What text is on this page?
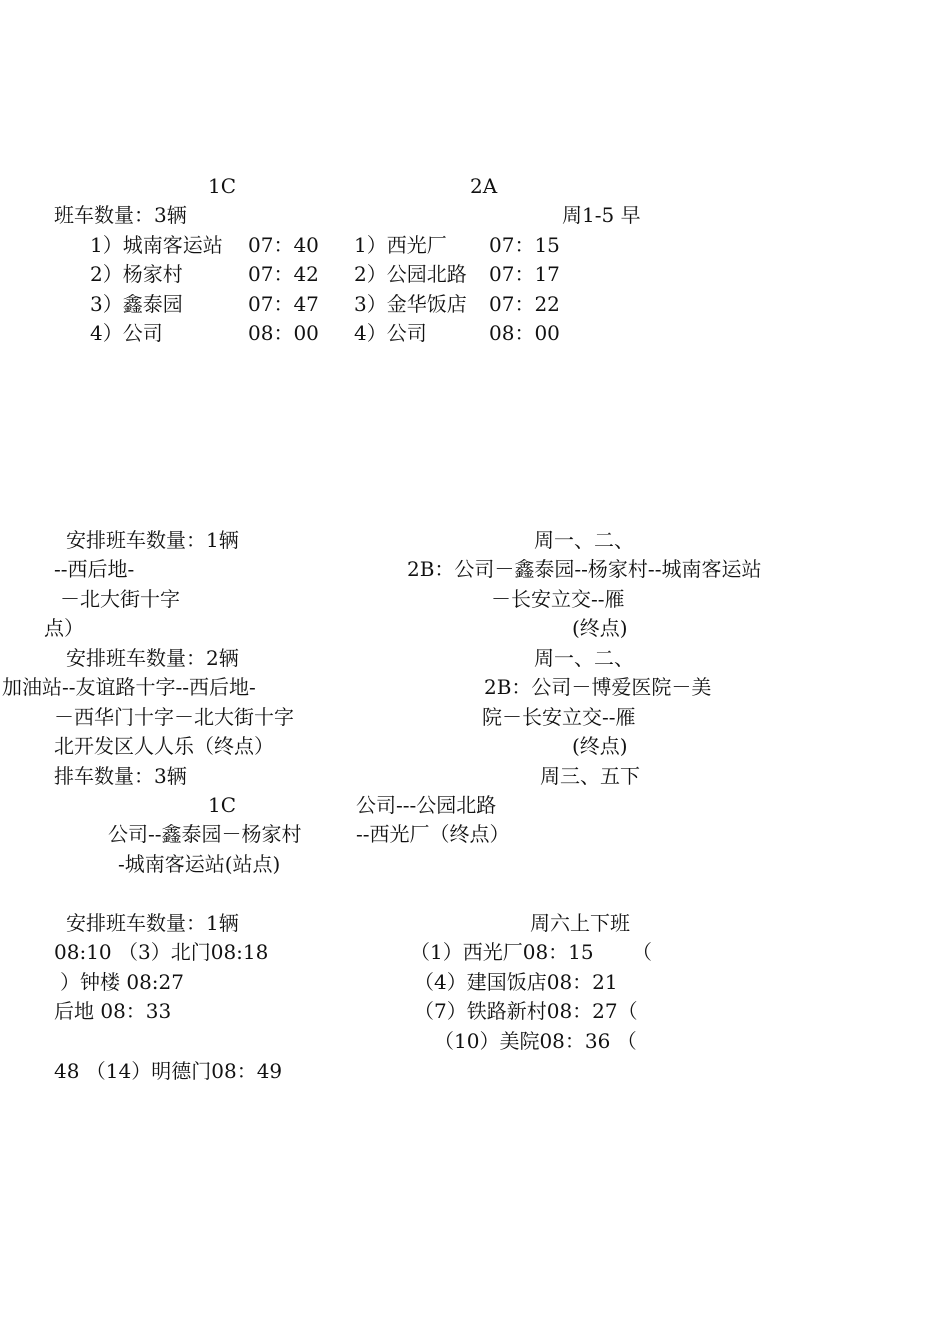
1C	2A
班车数量：3辆	周1-5 早
1）城南客运站 07：40 1）西光厂 07：15
2）杨家村	07：42 2）公园北路 07：17
3）鑫泰园	07：47 3）金华饭店 07：22
4）公司	08：00 4）公司	08：00
安排班车数量：1辆
--西后地-
－北大街十字
点）
安排班车数量：2辆
加油站--友谊路十字--西后地-
－西华门十字－北大街十字
北开发区人人乐（终点）
排车数量：3辆
1C
公司--鑫泰园－杨家村
-城南客运站(站点)
周一、二、
2B：公司－鑫泰园--杨家村--城南客运站
－长安立交--雁
(终点)
周一、二、
2B：公司－博爱医院－美
院－长安立交--雁
(终点)
周三、五下
公司---公园北路
--西光厂（终点）
安排班车数量：1辆
08:10 （3）北门08:18
）钟楼 08:27
后地 08：33
48 （14）明德门08：49
周六上下班
（1）西光厂08：15 （
（4）建国饭店08：21
（7）铁路新村08：27（
（10）美院08：36 （
